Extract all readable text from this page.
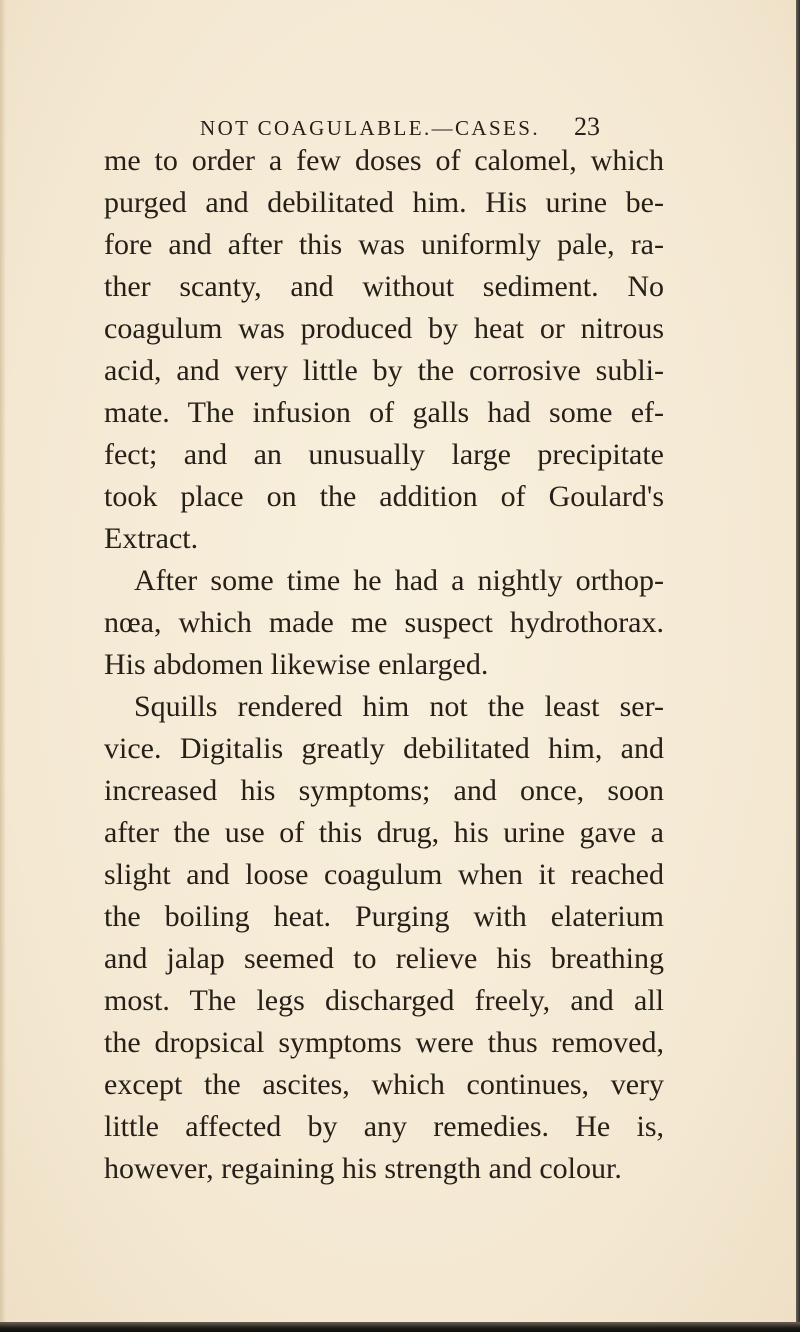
NOT COAGULABLE.—CASES. 23
me to order a few doses of calomel, which
purged and debilitated him. His urine be-
fore and after this was uniformly pale, ra-
ther scanty, and without sediment. No
coagulum was produced by heat or nitrous
acid, and very little by the corrosive subli-
mate. The infusion of galls had some ef-
fect; and an unusually large precipitate
took place on the addition of Goulard's
Extract.
After some time he had a nightly orthop-
nœa, which made me suspect hydrothorax.
His abdomen likewise enlarged.
Squills rendered him not the least ser-
vice. Digitalis greatly debilitated him, and
increased his symptoms; and once, soon
after the use of this drug, his urine gave a
slight and loose coagulum when it reached
the boiling heat. Purging with elaterium
and jalap seemed to relieve his breathing
most. The legs discharged freely, and all
the dropsical symptoms were thus removed,
except the ascites, which continues, very
little affected by any remedies. He is,
however, regaining his strength and colour.
